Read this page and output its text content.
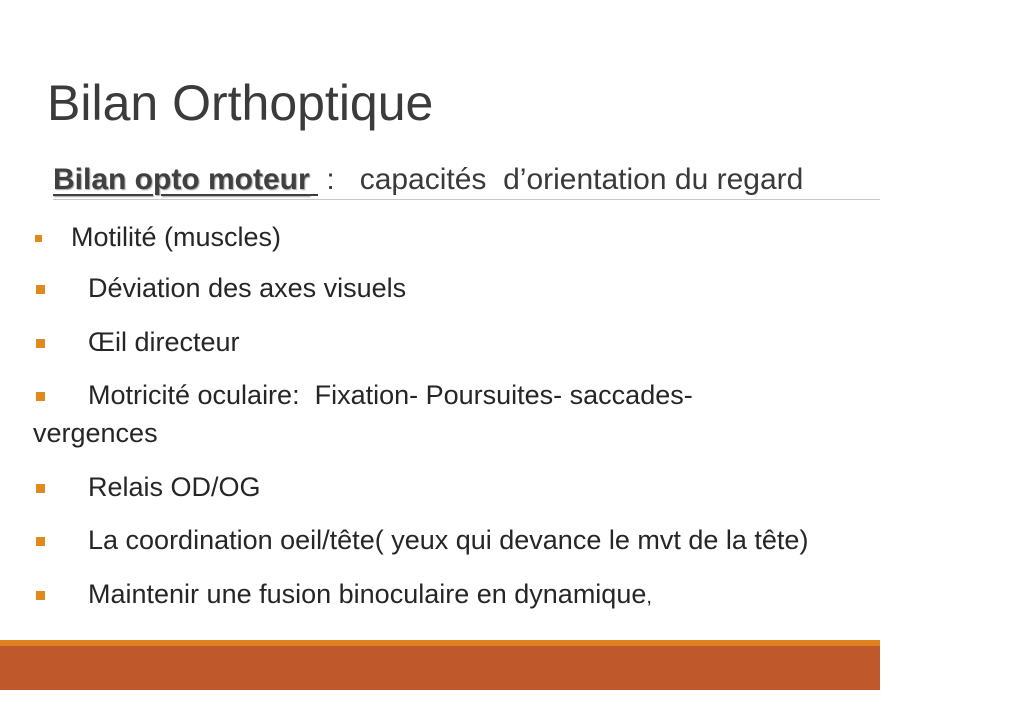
Bilan Orthoptique
Bilan opto moteur :   capacités  d’orientation du regard
Motilité (muscles)
Déviation des axes visuels
Œil directeur
Motricité oculaire:  Fixation- Poursuites- saccades-
vergences
Relais OD/OG
La coordination oeil/tête( yeux qui devance le mvt de la tête)
Maintenir une fusion binoculaire en dynamique,
